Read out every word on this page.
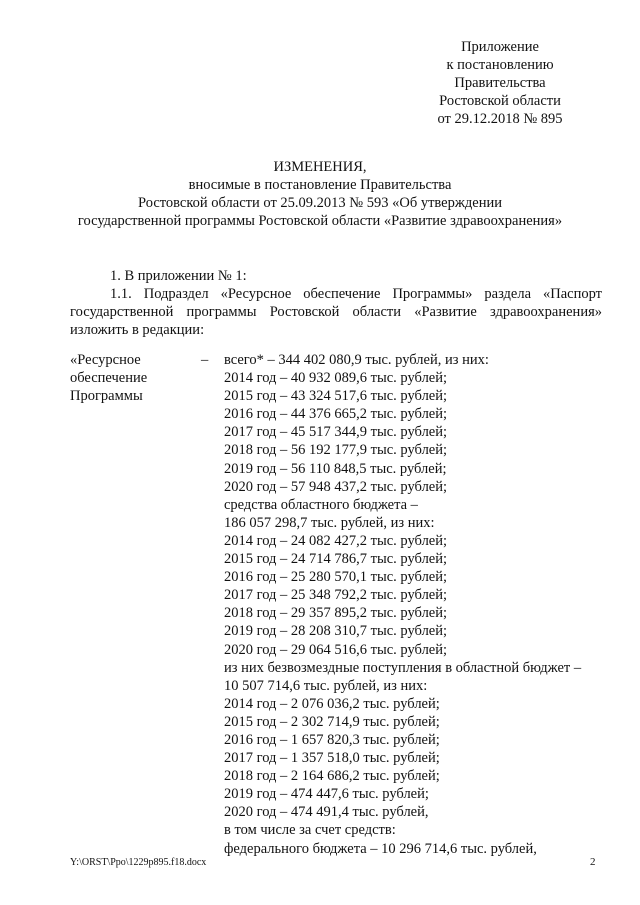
Приложение
к постановлению
Правительства
Ростовской области
от 29.12.2018 № 895
ИЗМЕНЕНИЯ,
вносимые в постановление Правительства
Ростовской области от 25.09.2013 № 593 «Об утверждении
государственной программы Ростовской области «Развитие здравоохранения»
1. В приложении № 1:
1.1. Подраздел «Ресурсное обеспечение Программы» раздела «Паспорт государственной программы Ростовской области «Развитие здравоохранения» изложить в редакции:
«Ресурсное
обеспечение
Программы
– всего* – 344 402 080,9 тыс. рублей, из них:
2014 год – 40 932 089,6 тыс. рублей;
2015 год – 43 324 517,6 тыс. рублей;
2016 год – 44 376 665,2 тыс. рублей;
2017 год – 45 517 344,9 тыс. рублей;
2018 год – 56 192 177,9 тыс. рублей;
2019 год – 56 110 848,5 тыс. рублей;
2020 год – 57 948 437,2 тыс. рублей;
средства областного бюджета –
186 057 298,7 тыс. рублей, из них:
2014 год – 24 082 427,2 тыс. рублей;
2015 год – 24 714 786,7 тыс. рублей;
2016 год – 25 280 570,1 тыс. рублей;
2017 год – 25 348 792,2 тыс. рублей;
2018 год – 29 357 895,2 тыс. рублей;
2019 год – 28 208 310,7 тыс. рублей;
2020 год – 29 064 516,6 тыс. рублей;
из них безвозмездные поступления в областной бюджет –
10 507 714,6 тыс. рублей, из них:
2014 год – 2 076 036,2 тыс. рублей;
2015 год – 2 302 714,9 тыс. рублей;
2016 год – 1 657 820,3 тыс. рублей;
2017 год – 1 357 518,0 тыс. рублей;
2018 год – 2 164 686,2 тыс. рублей;
2019 год – 474 447,6 тыс. рублей;
2020 год – 474 491,4 тыс. рублей,
в том числе за счет средств:
федерального бюджета – 10 296 714,6 тыс. рублей,
Y:\ORST\Ppo\1229p895.f18.docx	2
